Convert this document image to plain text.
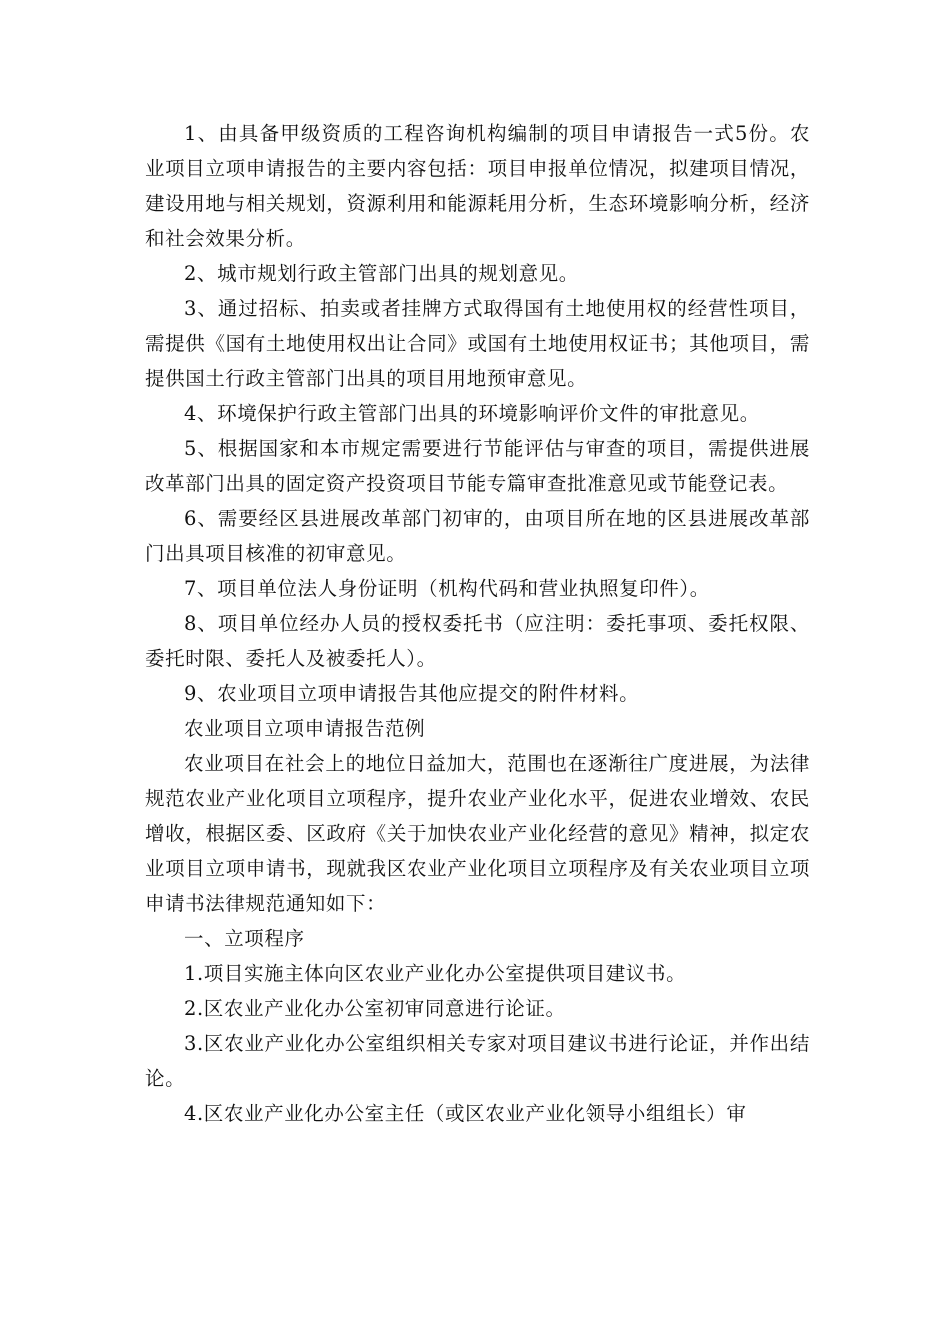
1、由具备甲级资质的工程咨询机构编制的项目申请报告一式5份。农业项目立项申请报告的主要内容包括：项目申报单位情况，拟建项目情况，建设用地与相关规划，资源利用和能源耗用分析，生态环境影响分析，经济和社会效果分析。

2、城市规划行政主管部门出具的规划意见。

3、通过招标、拍卖或者挂牌方式取得国有土地使用权的经营性项目，需提供《国有土地使用权出让合同》或国有土地使用权证书；其他项目，需提供国土行政主管部门出具的项目用地预审意见。

4、环境保护行政主管部门出具的环境影响评价文件的审批意见。

5、根据国家和本市规定需要进行节能评估与审查的项目，需提供进展改革部门出具的固定资产投资项目节能专篇审查批准意见或节能登记表。

6、需要经区县进展改革部门初审的，由项目所在地的区县进展改革部门出具项目核准的初审意见。

7、项目单位法人身份证明（机构代码和营业执照复印件）。

8、项目单位经办人员的授权委托书（应注明：委托事项、委托权限、委托时限、委托人及被委托人）。

9、农业项目立项申请报告其他应提交的附件材料。

农业项目立项申请报告范例

农业项目在社会上的地位日益加大，范围也在逐渐往广度进展，为法律规范农业产业化项目立项程序，提升农业产业化水平，促进农业增效、农民增收，根据区委、区政府《关于加快农业产业化经营的意见》精神，拟定农业项目立项申请书，现就我区农业产业化项目立项程序及有关农业项目立项申请书法律规范通知如下：

一、立项程序

1.项目实施主体向区农业产业化办公室提供项目建议书。

2.区农业产业化办公室初审同意进行论证。

3.区农业产业化办公室组织相关专家对项目建议书进行论证，并作出结论。

4.区农业产业化办公室主任（或区农业产业化领导小组组长）审
